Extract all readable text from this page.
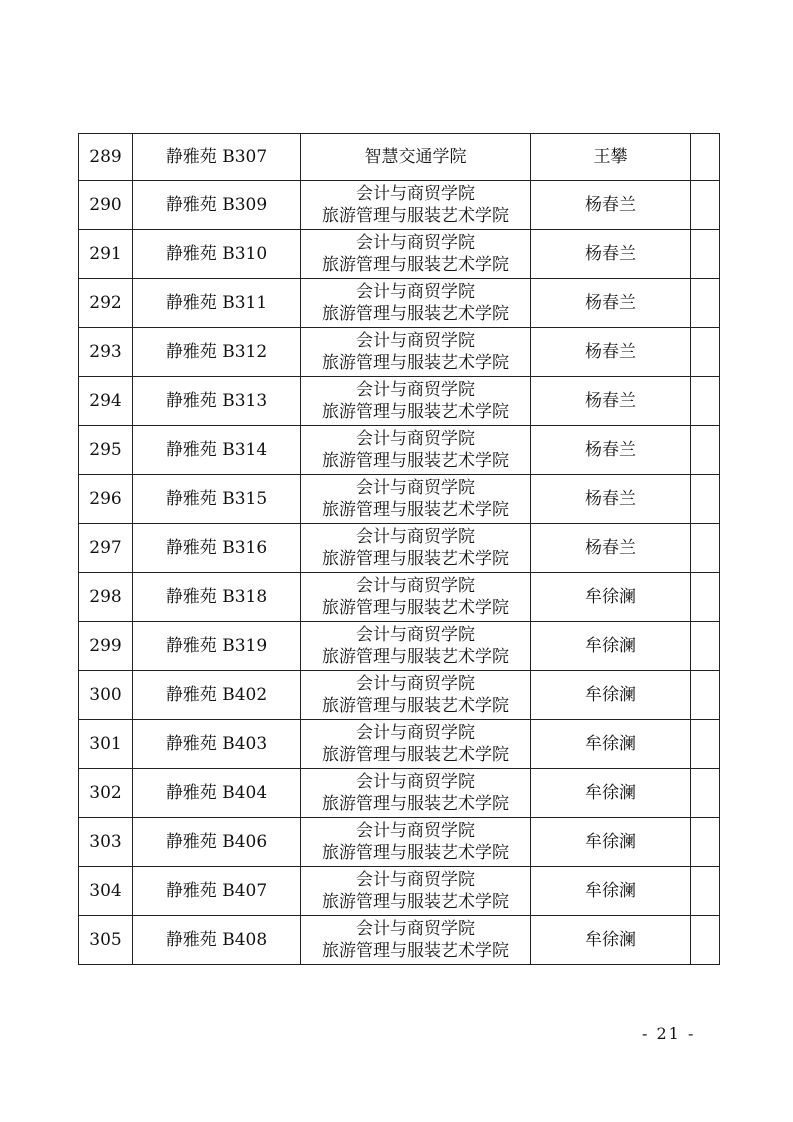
289	静雅苑 B307	智慧交通学院	王攀	
290	静雅苑 B309	会计与商贸学院
旅游管理与服装艺术学院	杨春兰	
291	静雅苑 B310	会计与商贸学院
旅游管理与服装艺术学院	杨春兰	
292	静雅苑 B311	会计与商贸学院
旅游管理与服装艺术学院	杨春兰	
293	静雅苑 B312	会计与商贸学院
旅游管理与服装艺术学院	杨春兰	
294	静雅苑 B313	会计与商贸学院
旅游管理与服装艺术学院	杨春兰	
295	静雅苑 B314	会计与商贸学院
旅游管理与服装艺术学院	杨春兰	
296	静雅苑 B315	会计与商贸学院
旅游管理与服装艺术学院	杨春兰	
297	静雅苑 B316	会计与商贸学院
旅游管理与服装艺术学院	杨春兰	
298	静雅苑 B318	会计与商贸学院
旅游管理与服装艺术学院	牟徐澜	
299	静雅苑 B319	会计与商贸学院
旅游管理与服装艺术学院	牟徐澜	
300	静雅苑 B402	会计与商贸学院
旅游管理与服装艺术学院	牟徐澜	
301	静雅苑 B403	会计与商贸学院
旅游管理与服装艺术学院	牟徐澜	
302	静雅苑 B404	会计与商贸学院
旅游管理与服装艺术学院	牟徐澜	
303	静雅苑 B406	会计与商贸学院
旅游管理与服装艺术学院	牟徐澜	
304	静雅苑 B407	会计与商贸学院
旅游管理与服装艺术学院	牟徐澜	
305	静雅苑 B408	会计与商贸学院
旅游管理与服装艺术学院	牟徐澜	
- 21 -
